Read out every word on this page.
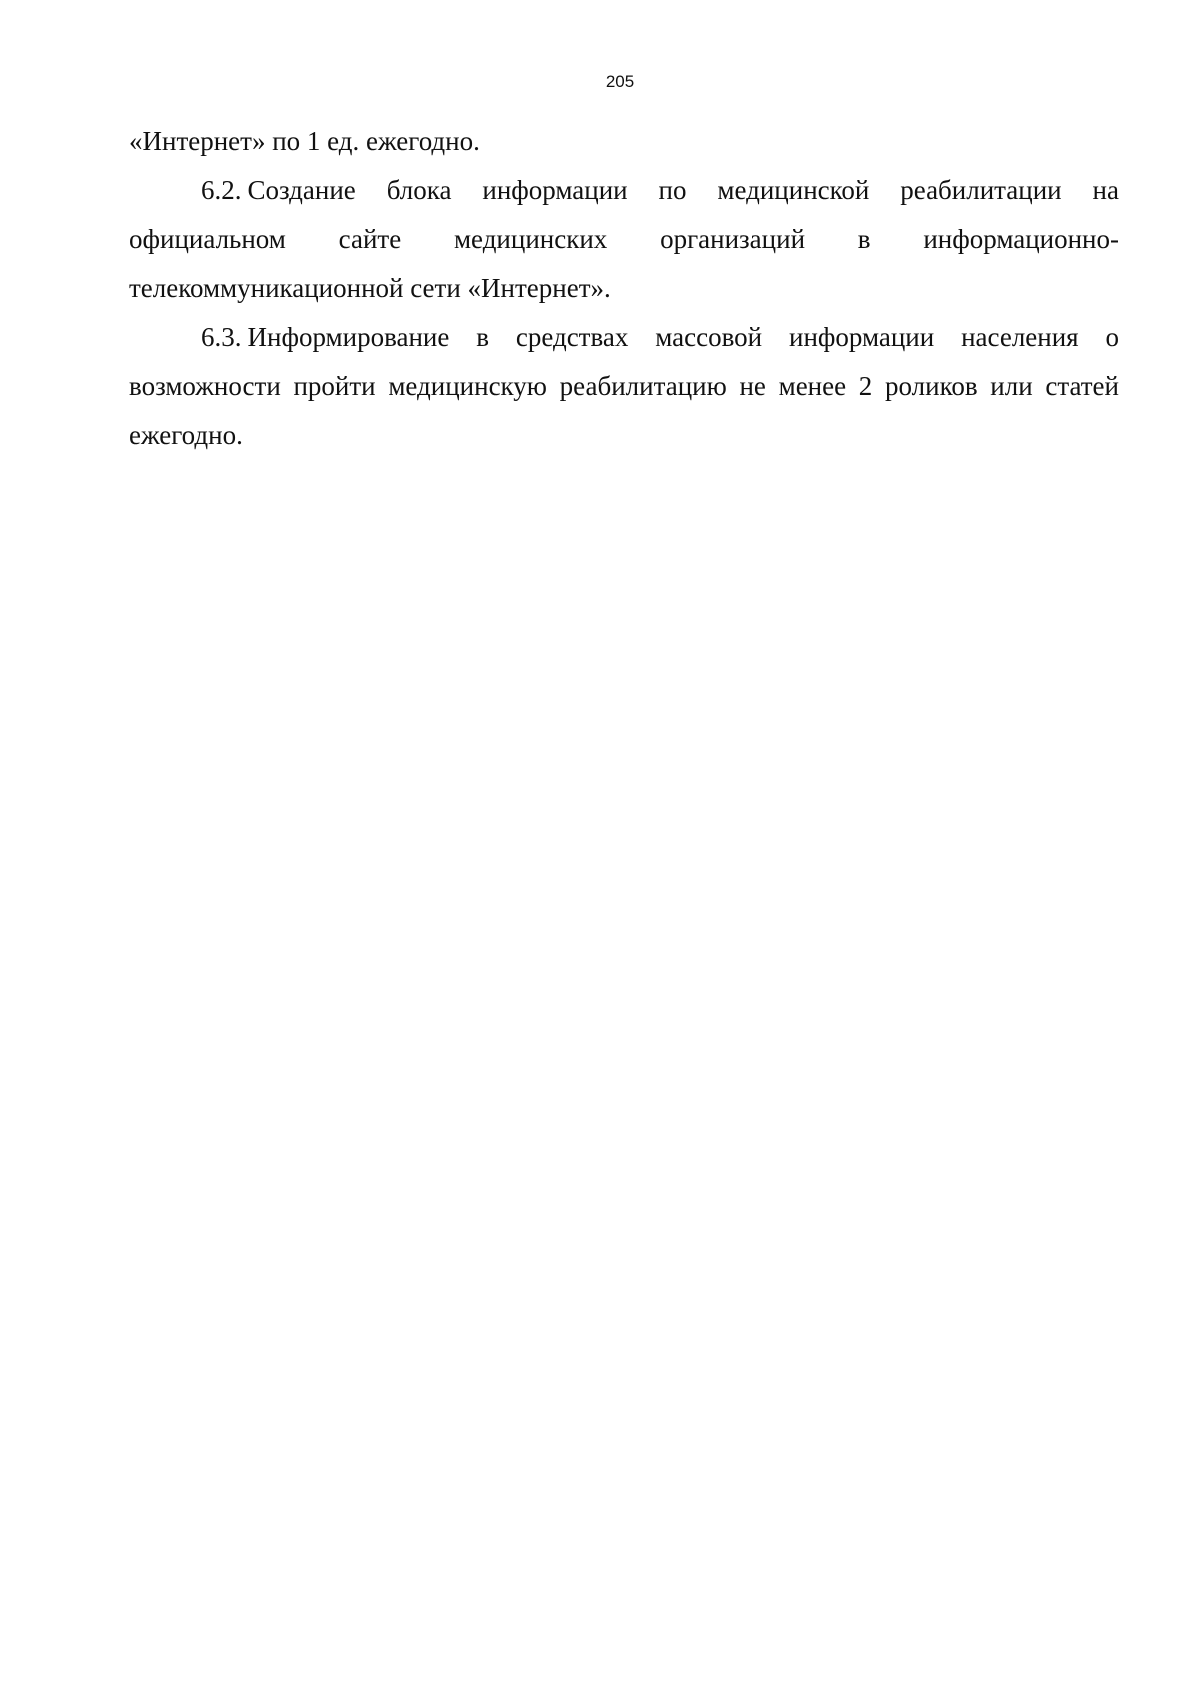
205

«Интернет» по 1 ед. ежегодно.

6.2. Создание блока информации по медицинской реабилитации на официальном сайте медицинских организаций в информационно-телекоммуникационной сети «Интернет».

6.3. Информирование в средствах массовой информации населения о возможности пройти медицинскую реабилитацию не менее 2 роликов или статей ежегодно.
